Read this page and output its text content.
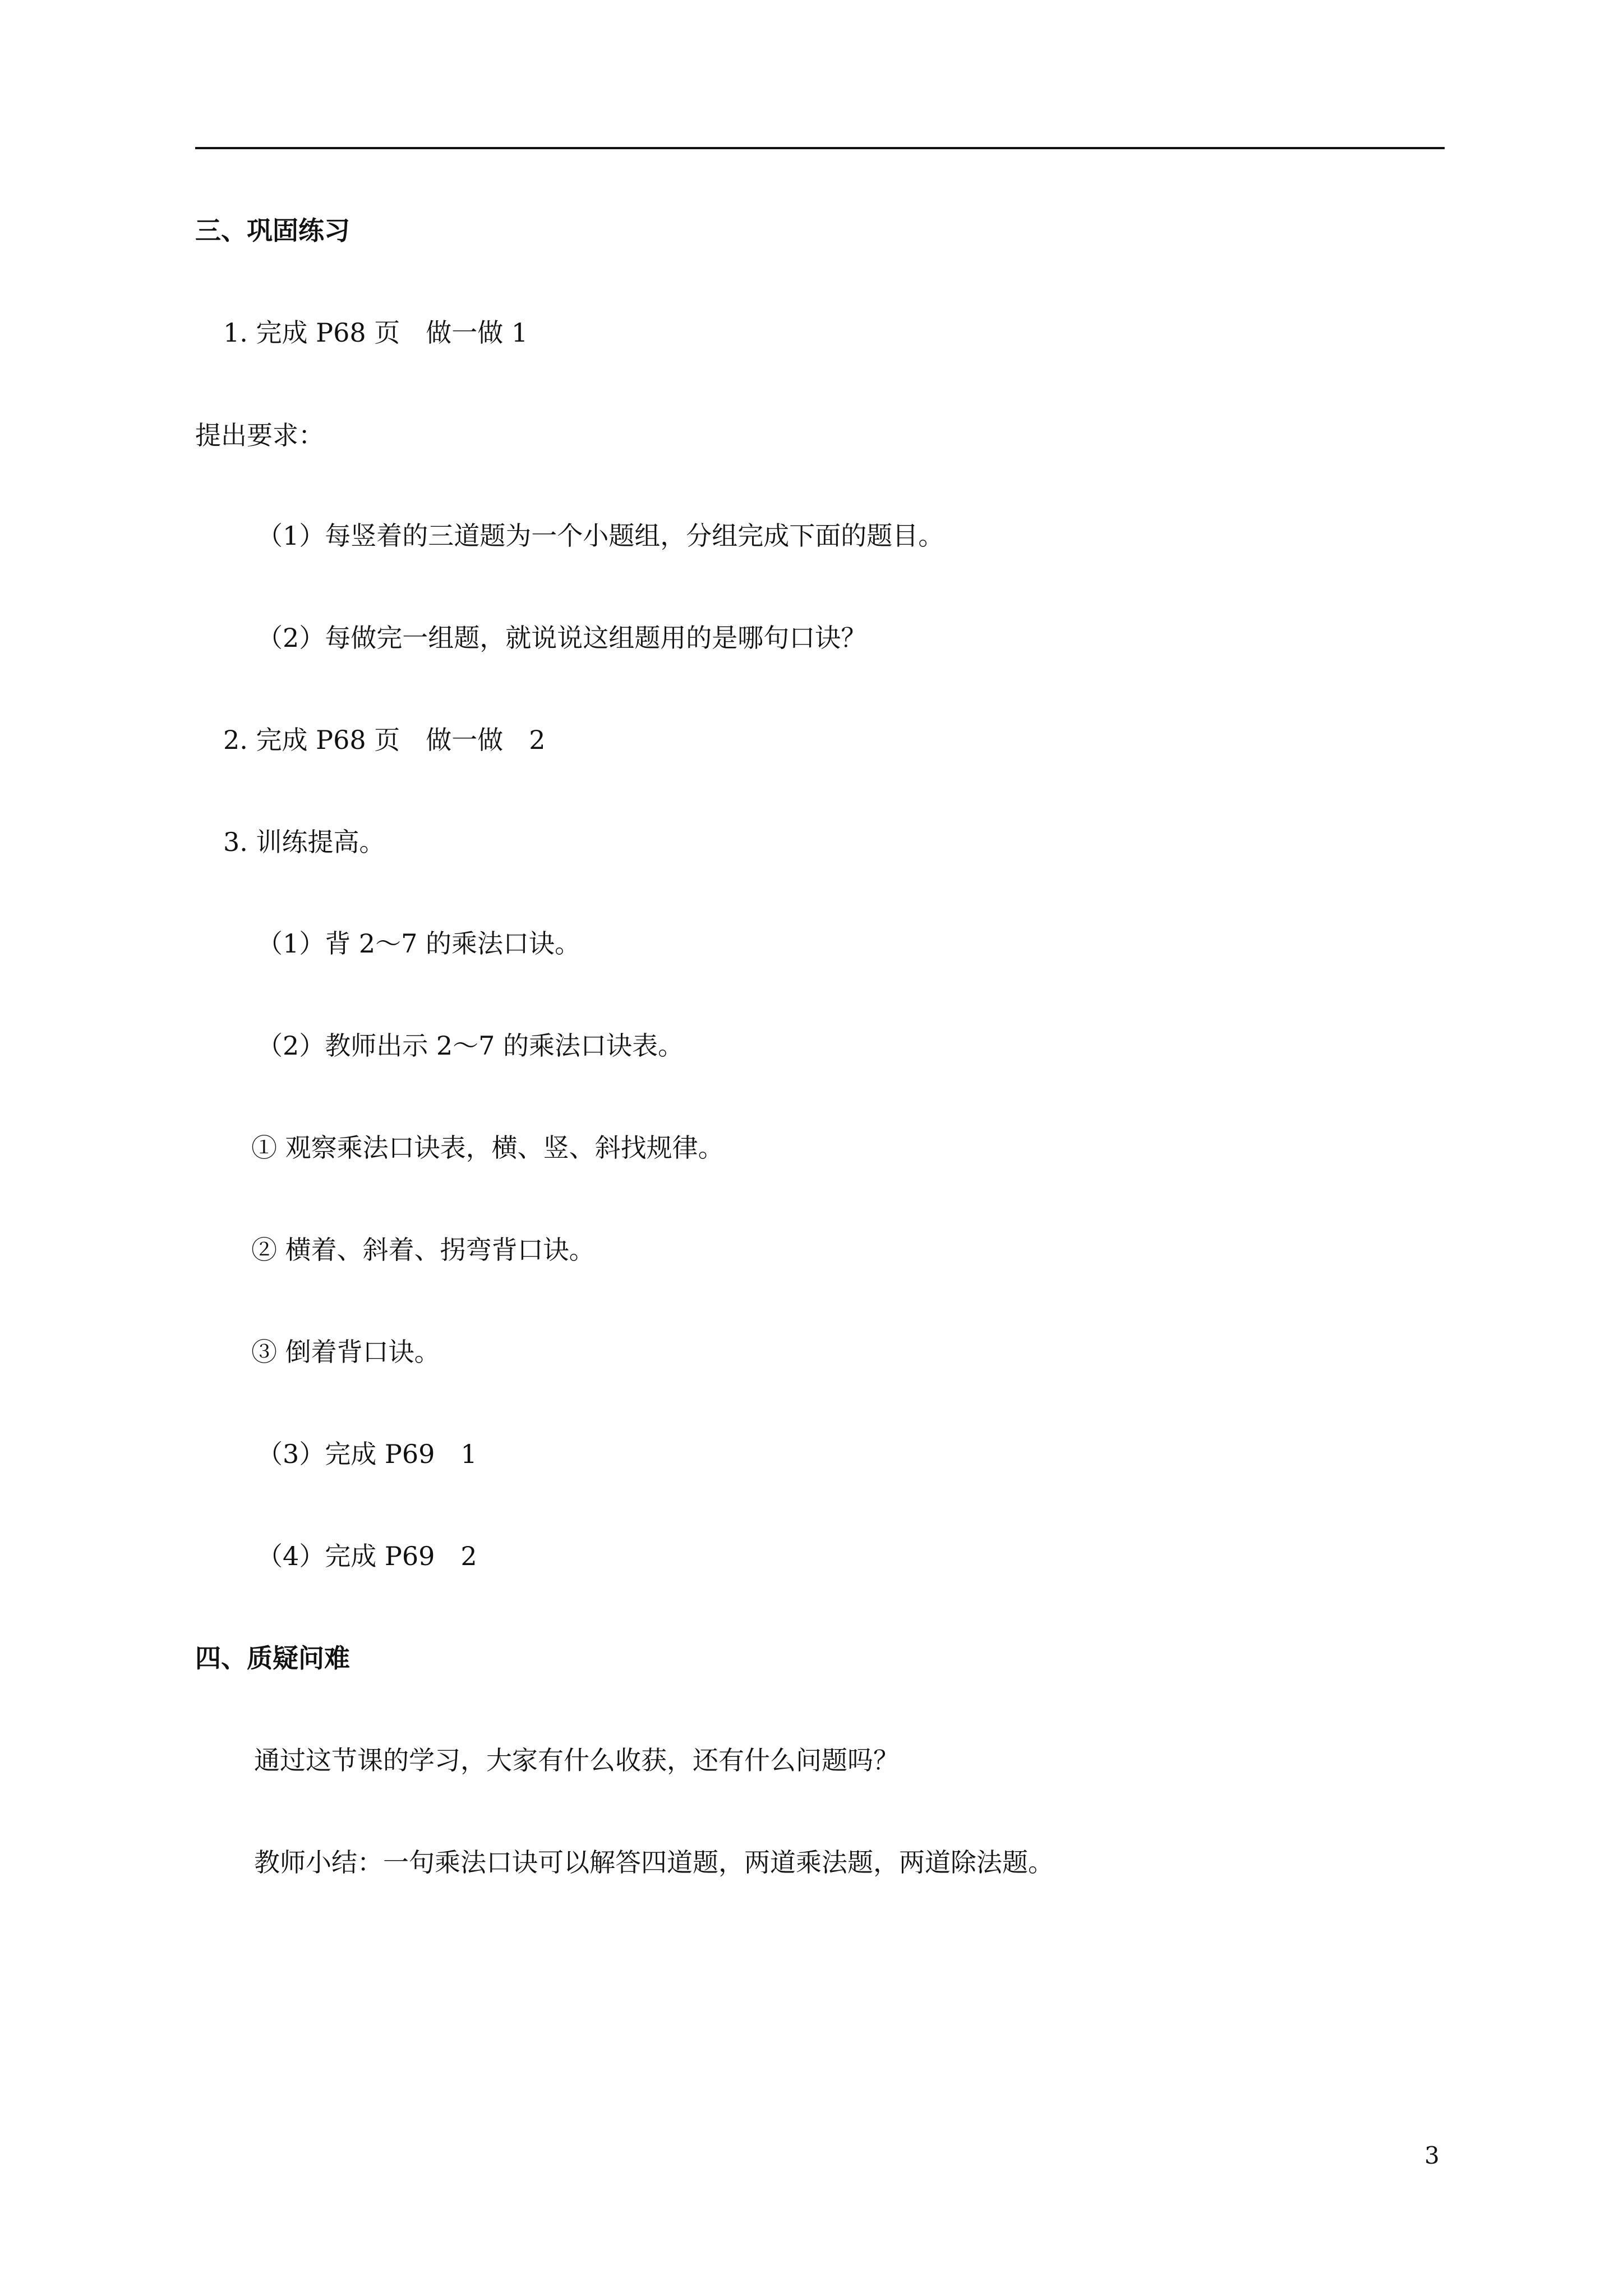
三、巩固练习
1. 完成 P68 页　做一做 1
提出要求：
（1）每竖着的三道题为一个小题组，分组完成下面的题目。
（2）每做完一组题，就说说这组题用的是哪句口诀？
2. 完成 P68 页　做一做　2
3. 训练提高。
（1）背 2～7 的乘法口诀。
（2）教师出示 2～7 的乘法口诀表。
① 观察乘法口诀表，横、竖、斜找规律。
② 横着、斜着、拐弯背口诀。
③ 倒着背口诀。
（3）完成 P69　1
（4）完成 P69　2
四、质疑问难
通过这节课的学习，大家有什么收获，还有什么问题吗？
教师小结：一句乘法口诀可以解答四道题，两道乘法题，两道除法题。
3
